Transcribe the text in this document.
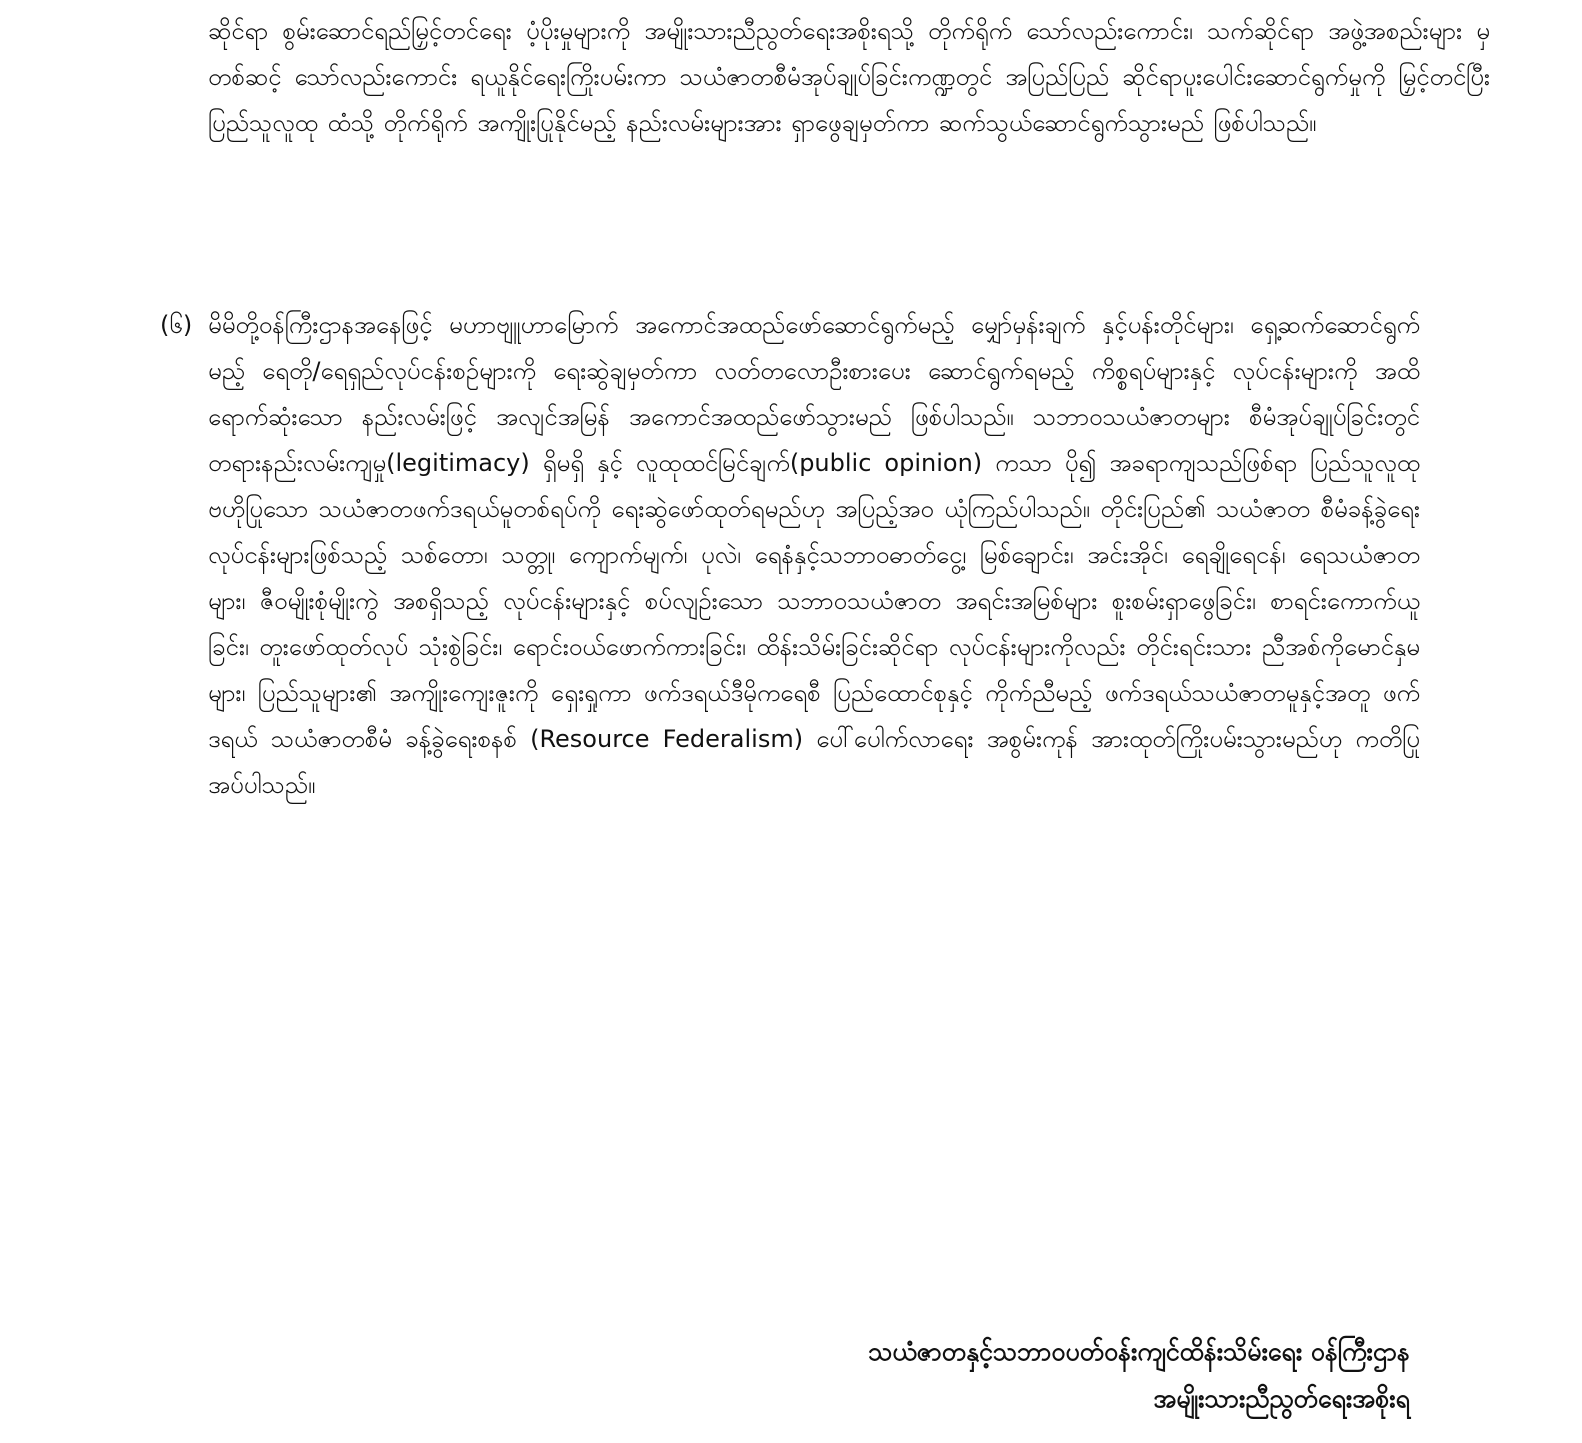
ဆိုင်ရာ စွမ်းဆောင်ရည်မြှင့်တင်ရေး ပံ့ပိုးမှုများကို အမျိုးသားညီညွတ်ရေးအစိုးရသို့ တိုက်ရိုက် သော်လည်းကောင်း၊ သက်ဆိုင်ရာ အဖွဲ့အစည်းများ မှတစ်ဆင့် သော်လည်းကောင်း ရယူနိုင်ရေးကြိုးပမ်းကာ သယံဇာတစီမံအုပ်ချုပ်ခြင်းကဏ္ဍတွင် အပြည်ပြည် ဆိုင်ရာပူးပေါင်းဆောင်ရွက်မှုကို မြှင့်တင်ပြီး ပြည်သူလူထု ထံသို့ တိုက်ရိုက် အကျိုးပြုနိုင်မည့် နည်းလမ်းများအား ရှာဖွေချမှတ်ကာ ဆက်သွယ်ဆောင်ရွက်သွားမည် ဖြစ်ပါသည်။
(၆) မိမိတို့ဝန်ကြီးဌာနအနေဖြင့် မဟာဗျူဟာမြောက် အကောင်အထည်ဖော်ဆောင်ရွက်မည့် မျှော်မှန်းချက် နှင့်ပန်းတိုင်များ၊ ရှေ့ဆက်ဆောင်ရွက်မည့် ရေတို/ရေရှည်လုပ်ငန်းစဉ်များကို ရေးဆွဲချမှတ်ကာ လတ်တလောဦးစားပေး ဆောင်ရွက်ရမည့် ကိစ္စရပ်များနှင့် လုပ်ငန်းများကို အထိရောက်ဆုံးသော နည်းလမ်းဖြင့် အလျင်အမြန် အကောင်အထည်ဖော်သွားမည် ဖြစ်ပါသည်။ သဘာဝသယံဇာတများ စီမံအုပ်ချုပ်ခြင်းတွင် တရားနည်းလမ်းကျမှု(legitimacy) ရှိမရှိ နှင့် လူထုထင်မြင်ချက်(public opinion) ကသာ ပို၍ အခရာကျသည်ဖြစ်ရာ ပြည်သူလူထု ဗဟိုပြုသော သယံဇာတဖက်ဒရယ်မူတစ်ရပ်ကို ရေးဆွဲဖော်ထုတ်ရမည်ဟု အပြည့်အဝ ယုံကြည်ပါသည်။ တိုင်းပြည်၏ သယံဇာတ စီမံခန့်ခွဲရေး လုပ်ငန်းများဖြစ်သည့် သစ်တော၊ သတ္တု၊ ကျောက်မျက်၊ ပုလဲ၊ ရေနံနှင့်သဘာဝဓာတ်ငွေ့၊ မြစ်ချောင်း၊ အင်းအိုင်၊ ရေချိုရေငန်၊ ရေသယံဇာတများ၊ ဇီဝမျိုးစုံမျိုးကွဲ အစရှိသည့် လုပ်ငန်းများနှင့် စပ်လျဉ်းသော သဘာဝသယံဇာတ အရင်းအမြစ်များ စူးစမ်းရှာဖွေခြင်း၊ စာရင်းကောက်ယူခြင်း၊ တူးဖော်ထုတ်လုပ် သုံးစွဲခြင်း၊ ရောင်းဝယ်ဖောက်ကားခြင်း၊ ထိန်းသိမ်းခြင်းဆိုင်ရာ လုပ်ငန်းများကိုလည်း တိုင်းရင်းသား ညီအစ်ကိုမောင်နှမများ၊ ပြည်သူများ၏ အကျိုးကျေးဇူးကို ရှေးရှုကာ ဖက်ဒရယ်ဒီမိုကရေစီ ပြည်ထောင်စုနှင့် ကိုက်ညီမည့် ဖက်ဒရယ်သယံဇာတမူနှင့်အတူ ဖက်ဒရယ် သယံဇာတစီမံ ခန့်ခွဲရေးစနစ် (Resource Federalism) ပေါ်ပေါက်လာရေး အစွမ်းကုန် အားထုတ်ကြိုးပမ်းသွားမည်ဟု ကတိပြု အပ်ပါသည်။
သယံဇာတနှင့်သဘာဝပတ်ဝန်းကျင်ထိန်းသိမ်းရေး ဝန်ကြီးဌာန
အမျိုးသားညီညွတ်ရေးအစိုးရ
